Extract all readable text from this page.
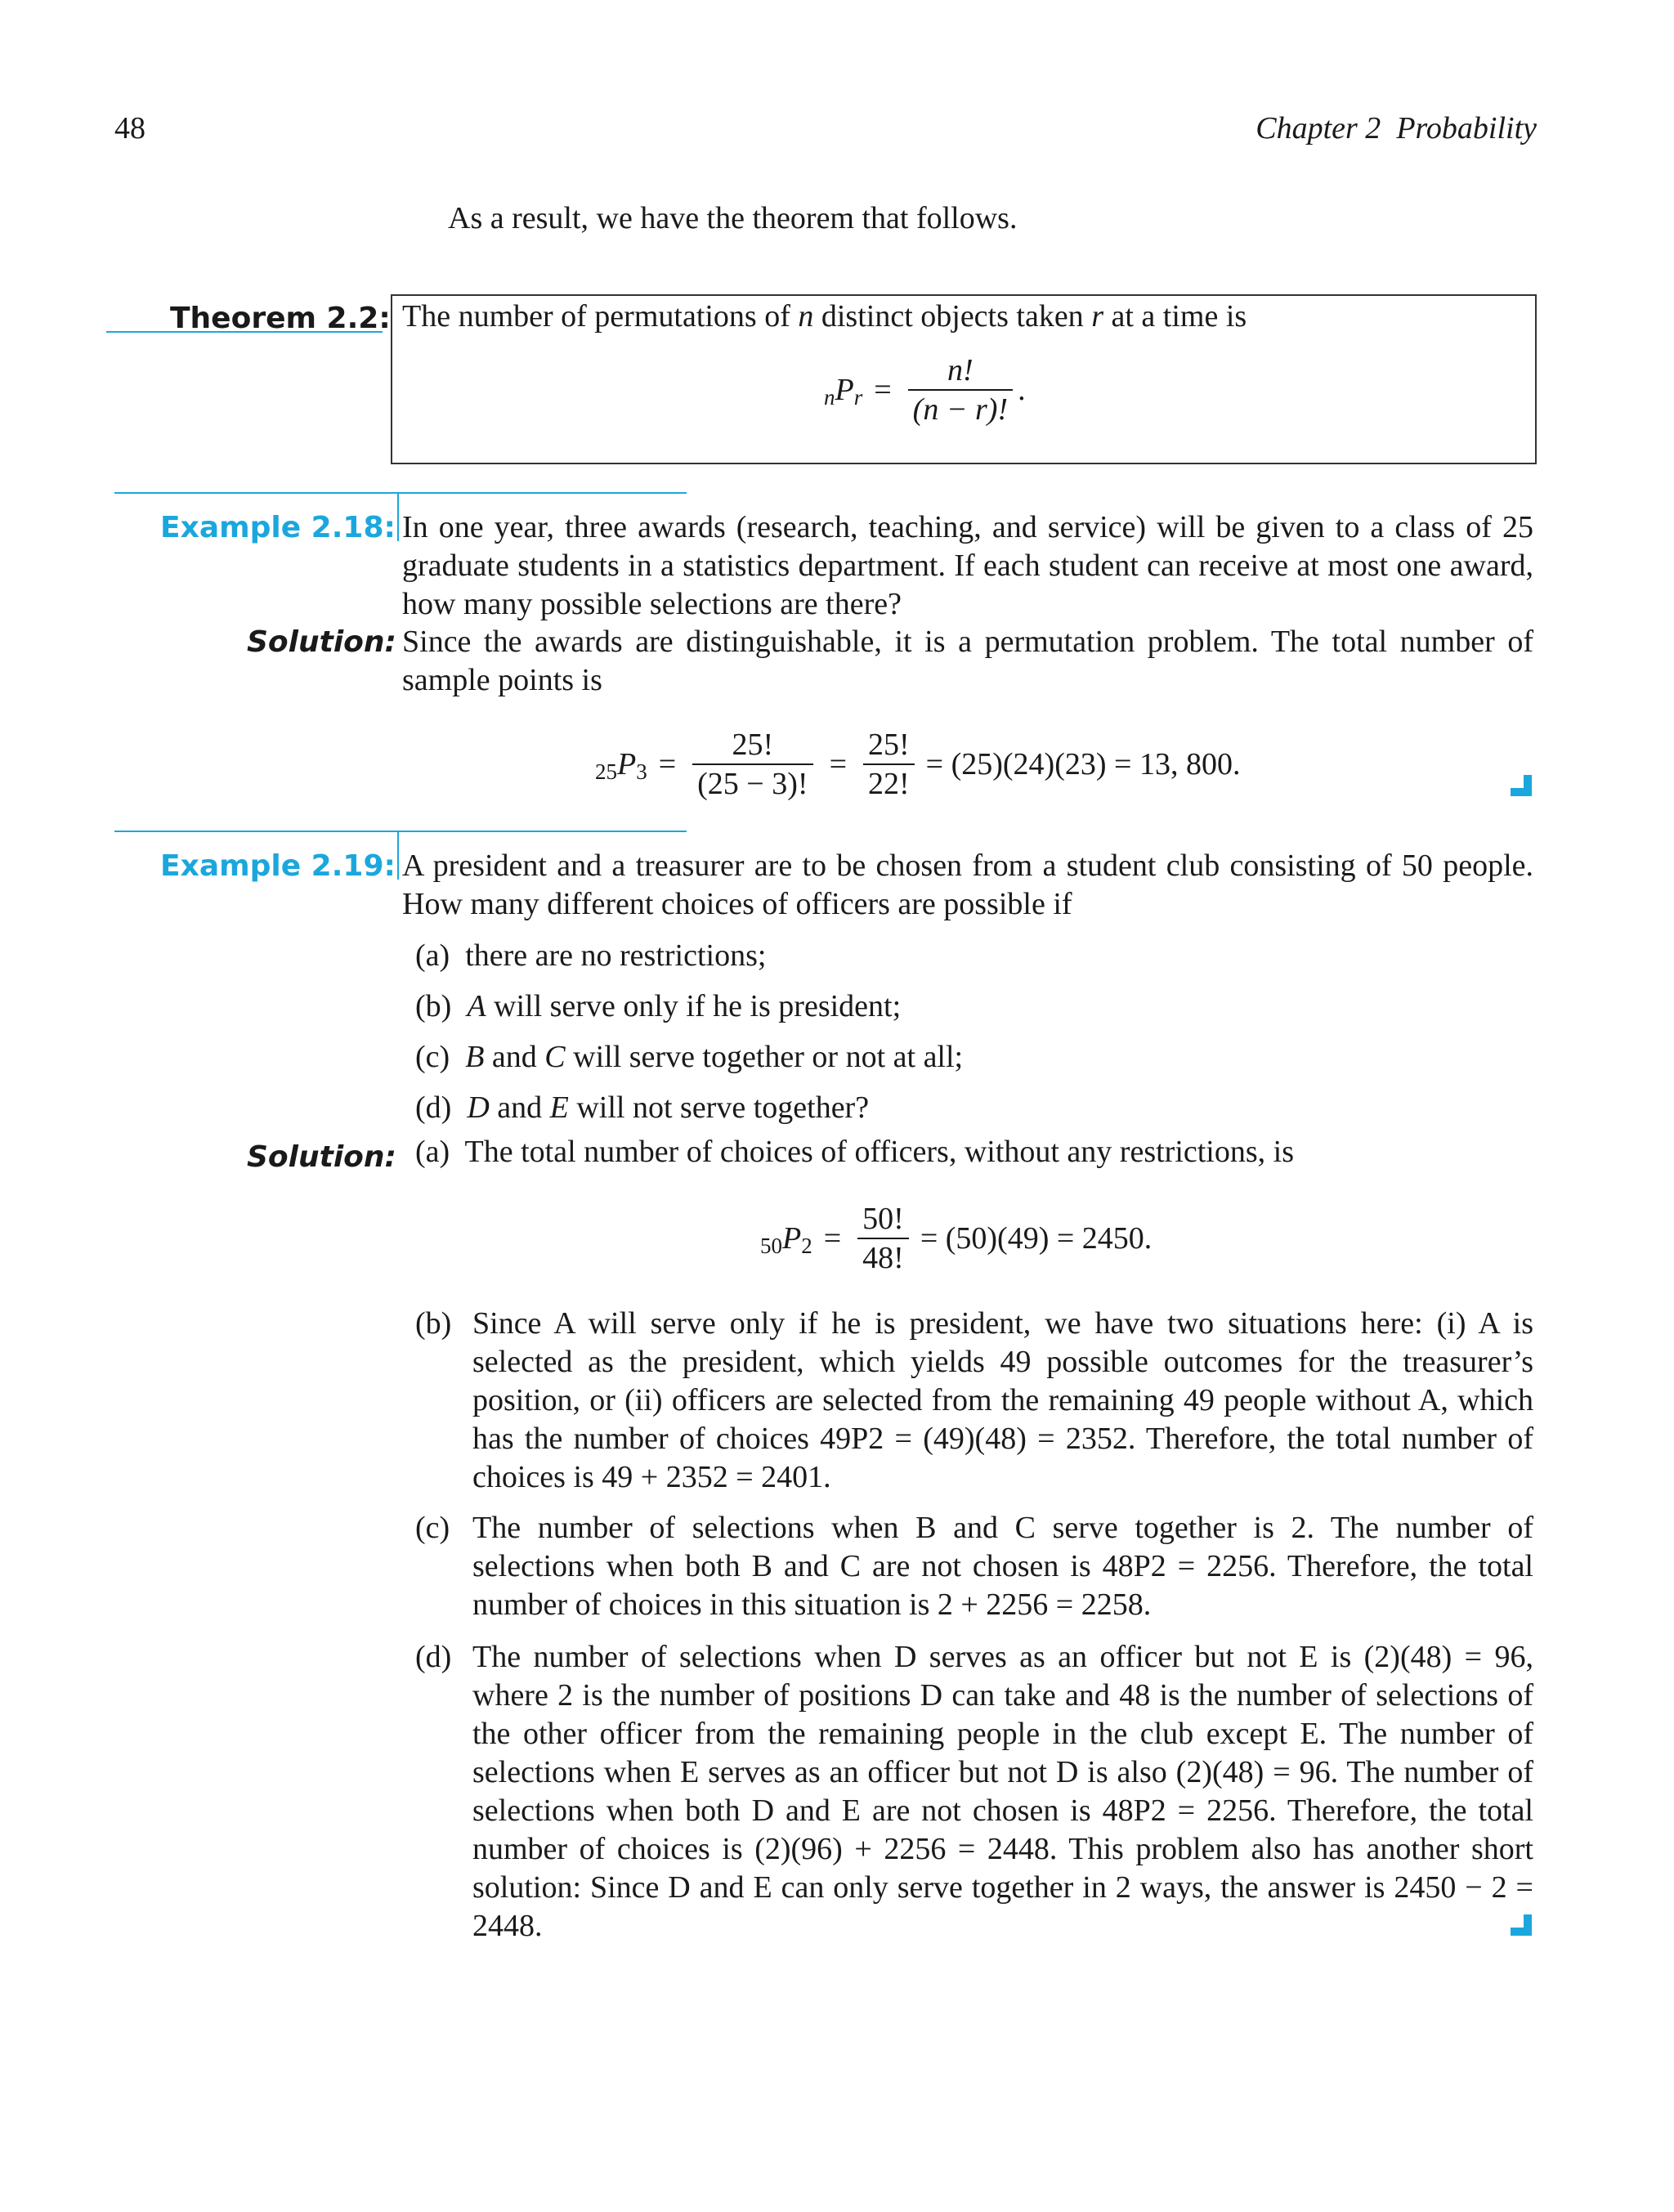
48	Chapter 2 Probability
As a result, we have the theorem that follows.
Theorem 2.2: The number of permutations of n distinct objects taken r at a time is
n P $r = \frac{n!}{(n - r)!}$ .
Example 2.18: In one year, three awards (research, teaching, and service) will be given to a class of 25 graduate students in a statistics department. If each student can receive at most one award, how many possible selections are there?
Solution: Since the awards are distinguishable, it is a permutation problem. The total number of sample points is
25 P $3 = \frac{25!}{(25 - 3)!} = \frac{25!}{22!} = (25)(24)(23) = 13$, 800.
Example 2.19: A president and a treasurer are to be chosen from a student club consisting of 50 people. How many different choices of officers are possible if
(a) there are no restrictions;
(b) A will serve only if he is president;
(c) B and C will serve together or not at all;
(d) D and E will not serve together?
Solution: (a) The total number of choices of officers, without any restrictions, is
50 P $2 = \frac{50!}{48!} = (50)(49) = 2450$.
(b) Since A will serve only if he is president, we have two situations here: (i) A is selected as the president, which yields 49 possible outcomes for the treasurer’s position, or (ii) officers are selected from the remaining 49 people without A, which has the number of choices 49P2 = (49)(48) = 2352. Therefore, the total number of choices is 49 + 2352 = 2401.
(c) The number of selections when B and C serve together is 2. The number of selections when both B and C are not chosen is 48P2 = 2256. Therefore, the total number of choices in this situation is 2 + 2256 = 2258.
(d) The number of selections when D serves as an officer but not E is (2)(48) = 96, where 2 is the number of positions D can take and 48 is the number of selections of the other officer from the remaining people in the club except E. The number of selections when E serves as an officer but not D is also (2)(48) = 96. The number of selections when both D and E are not chosen is 48P2 = 2256. Therefore, the total number of choices is (2)(96) + 2256 = 2448. This problem also has another short solution: Since D and E can only serve together in 2 ways, the answer is 2450 − 2 = 2448.
